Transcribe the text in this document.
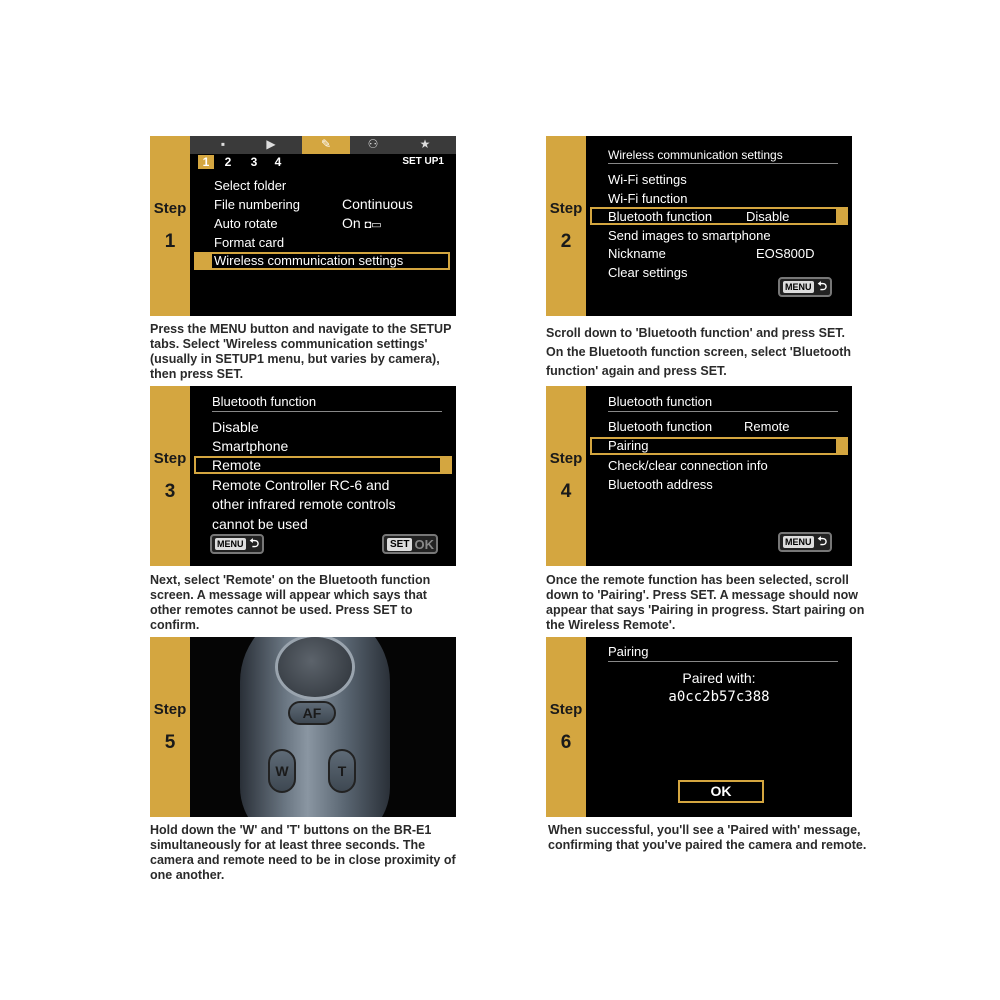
Step
1
▪	▶	✎	⚇	★
1	2	3	4	SET UP1
Select folder
File numbering	Continuous
Auto rotate	On ◘▭
Format card
Wireless communication settings
Press the MENU button and navigate to the SETUP tabs. Select 'Wireless communication settings' (usually in SETUP1 menu, but varies by camera), then press SET.
Step
2
Wireless communication settings
Wi-Fi settings
Wi-Fi function
Bluetooth function	Disable
Send images to smartphone
Nickname	EOS800D
Clear settings
MENU ⮌
Scroll down to 'Bluetooth function' and press SET.
On the Bluetooth function screen, select 'Bluetooth
function' again and press SET.
Step
3
Bluetooth function
Disable
Smartphone
Remote
Remote Controller RC-6 and
other infrared remote controls
cannot be used
MENU ⮌	SET OK
Next, select 'Remote' on the Bluetooth function screen. A message will appear which says that other remotes cannot be used. Press SET to confirm.
Step
4
Bluetooth function
Bluetooth function Remote
Pairing
Check/clear connection info
Bluetooth address
MENU ⮌
Once the remote function has been selected, scroll down to 'Pairing'. Press SET. A message should now appear that says 'Pairing in progress. Start pairing on the Wireless Remote'.
Step
5
AF
W	T
Hold down the 'W' and 'T' buttons on the BR-E1 simultaneously for at least three seconds. The camera and remote need to be in close proximity of one another.
Step
6
Pairing
Paired with:
a0cc2b57c388
OK
When successful, you'll see a 'Paired with' message, confirming that you've paired the camera and remote.
